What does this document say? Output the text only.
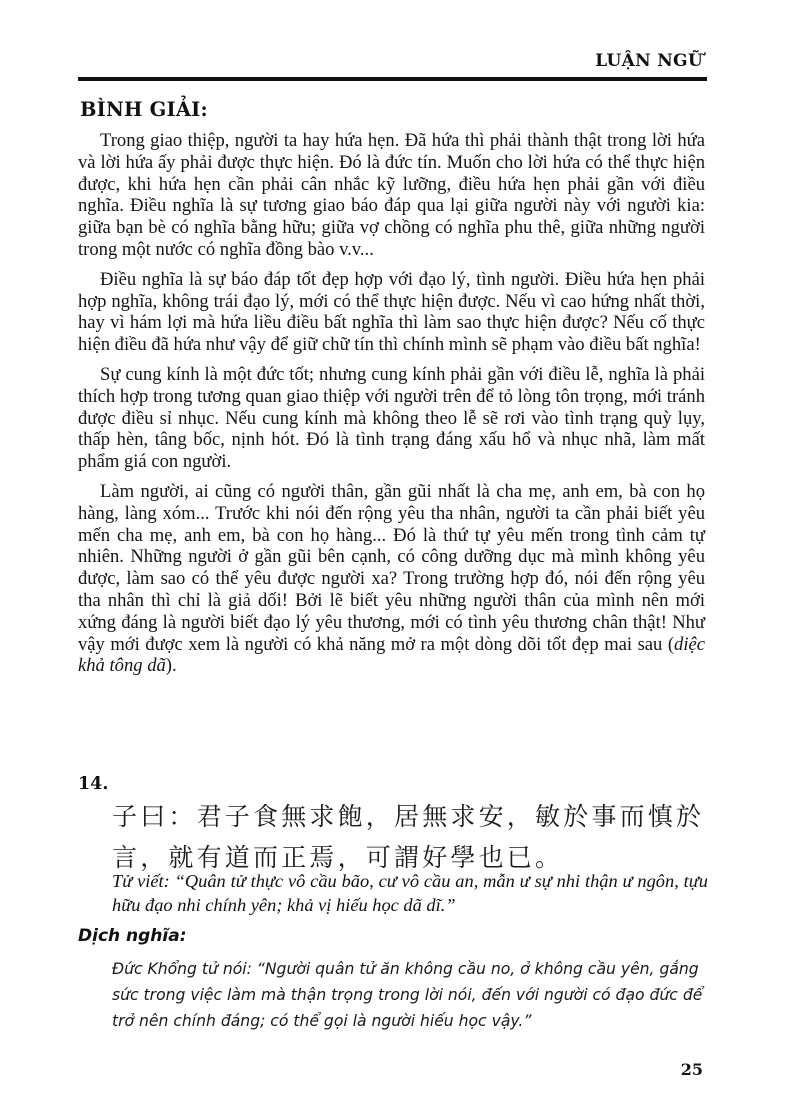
LUẬN NGỮ
BÌNH GIẢI:

Trong giao thiệp, người ta hay hứa hẹn. Đã hứa thì phải thành thật trong lời hứa và lời hứa ấy phải được thực hiện. Đó là đức tín. Muốn cho lời hứa có thể thực hiện được, khi hứa hẹn cần phải cân nhắc kỹ lưỡng, điều hứa hẹn phải gần với điều nghĩa. Điều nghĩa là sự tương giao báo đáp qua lại giữa người này với người kia: giữa bạn bè có nghĩa bằng hữu; giữa vợ chồng có nghĩa phu thê, giữa những người trong một nước có nghĩa đồng bào v.v...

Điều nghĩa là sự báo đáp tốt đẹp hợp với đạo lý, tình người. Điều hứa hẹn phải hợp nghĩa, không trái đạo lý, mới có thể thực hiện được. Nếu vì cao hứng nhất thời, hay vì hám lợi mà hứa liều điều bất nghĩa thì làm sao thực hiện được? Nếu cố thực hiện điều đã hứa như vậy để giữ chữ tín thì chính mình sẽ phạm vào điều bất nghĩa!

Sự cung kính là một đức tốt; nhưng cung kính phải gần với điều lễ, nghĩa là phải thích hợp trong tương quan giao thiệp với người trên để tỏ lòng tôn trọng, mới tránh được điều sỉ nhục. Nếu cung kính mà không theo lễ sẽ rơi vào tình trạng quỳ lụy, thấp hèn, tâng bốc, nịnh hót. Đó là tình trạng đáng xấu hổ và nhục nhã, làm mất phẩm giá con người.

Làm người, ai cũng có người thân, gần gũi nhất là cha mẹ, anh em, bà con họ hàng, làng xóm... Trước khi nói đến rộng yêu tha nhân, người ta cần phải biết yêu mến cha mẹ, anh em, bà con họ hàng... Đó là thứ tự yêu mến trong tình cảm tự nhiên. Những người ở gần gũi bên cạnh, có công dưỡng dục mà mình không yêu được, làm sao có thể yêu được người xa? Trong trường hợp đó, nói đến rộng yêu tha nhân thì chỉ là giả dối! Bởi lẽ biết yêu những người thân của mình nên mới xứng đáng là người biết đạo lý yêu thương, mới có tình yêu thương chân thật! Như vậy mới được xem là người có khả năng mở ra một dòng dõi tốt đẹp mai sau (diệc khả tông dã).

14.
子曰：君子食無求飽，居無求安，敏於事而慎於言，就有道而正焉，可謂好學也已。
Tử viết: “Quân tử thực vô cầu bão, cư vô cầu an, mẫn ư sự nhi thận ư ngôn, tựu hữu đạo nhi chính yên; khả vị hiếu học dã dĩ.”
Dịch nghĩa:
Đức Khổng tử nói: “Người quân tử ăn không cầu no, ở không cầu yên, gắng sức trong việc làm mà thận trọng trong lời nói, đến với người có đạo đức để trở nên chính đáng; có thể gọi là người hiếu học vậy.”
25
